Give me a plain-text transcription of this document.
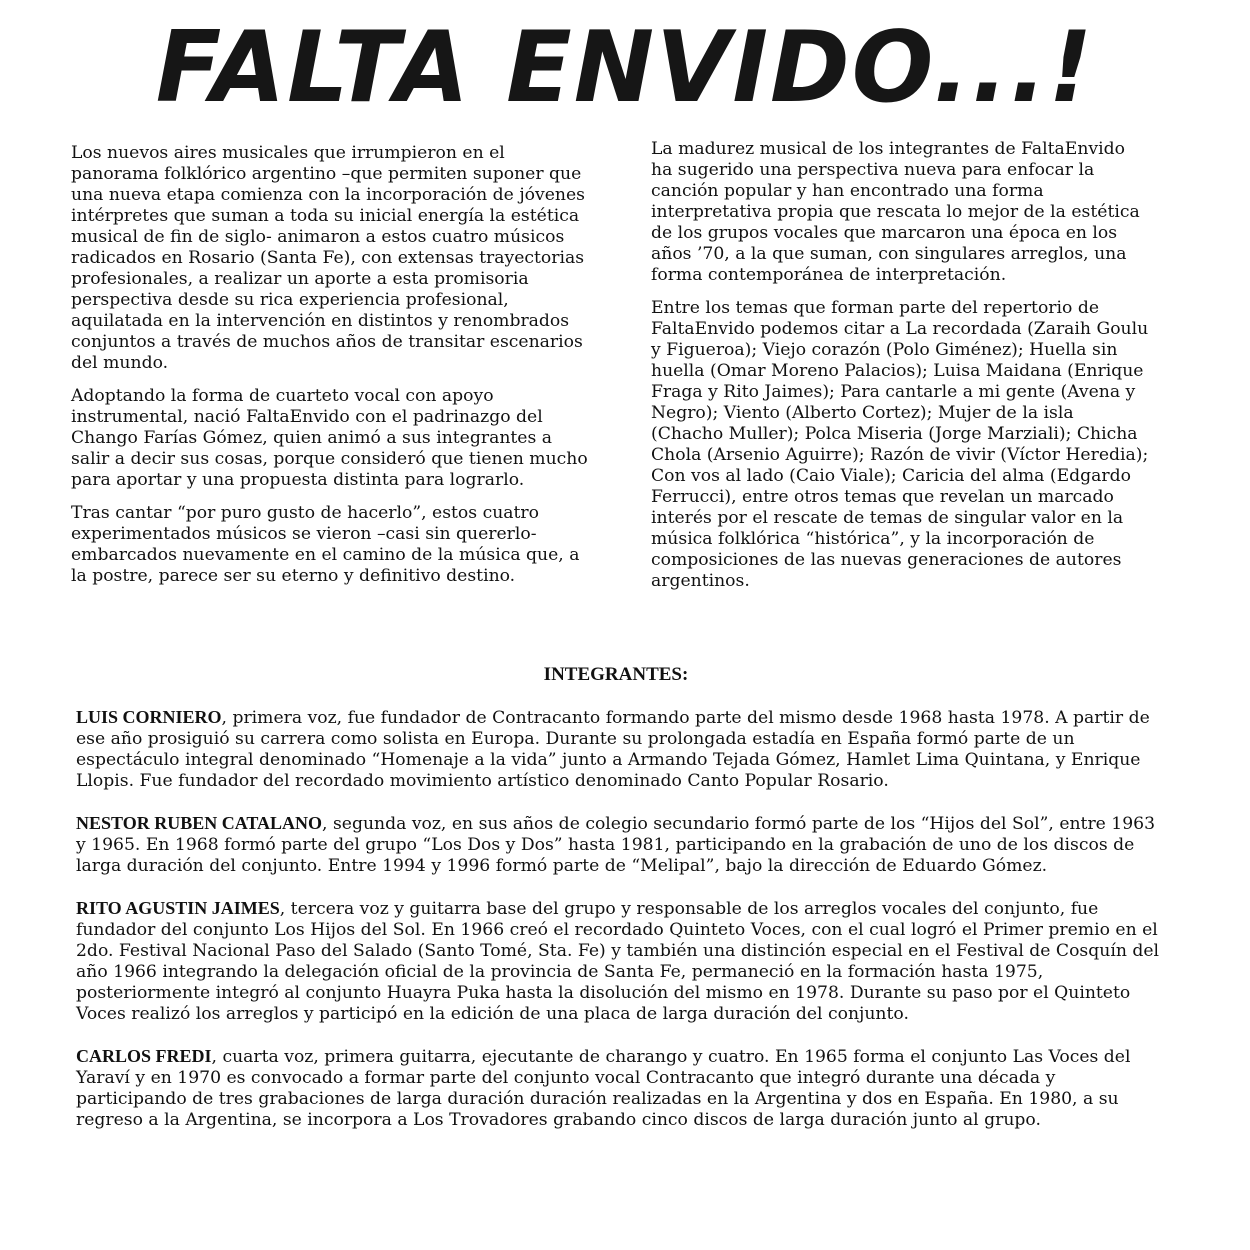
FALTA ENVIDO...!

Los nuevos aires musicales que irrumpieron en el panorama folklórico argentino –que permiten suponer que una nueva etapa comienza con la incorporación de jóvenes intérpretes que suman a toda su inicial energía la estética musical de fin de siglo- animaron a estos cuatro músicos radicados en Rosario (Santa Fe), con extensas trayectorias profesionales, a realizar un aporte a esta promisoria perspectiva desde su rica experiencia profesional, aquilatada en la intervención en distintos y renombrados conjuntos a través de muchos años de transitar escenarios del mundo.

Adoptando la forma de cuarteto vocal con apoyo instrumental, nació FaltaEnvido con el padrinazgo del Chango Farías Gómez, quien animó a sus integrantes a salir a decir sus cosas, porque consideró que tienen mucho para aportar y una propuesta distinta para lograrlo.

Tras cantar “por puro gusto de hacerlo”, estos cuatro experimentados músicos se vieron –casi sin quererlo- embarcados nuevamente en el camino de la música que, a la postre, parece ser su eterno y definitivo destino.

La madurez musical de los integrantes de FaltaEnvido ha sugerido una perspectiva nueva para enfocar la canción popular y han encontrado una forma interpretativa propia que rescata lo mejor de la estética de los grupos vocales que marcaron una época en los años ’70, a la que suman, con singulares arreglos, una forma contemporánea de interpretación.

Entre los temas que forman parte del repertorio de FaltaEnvido podemos citar a La recordada (Zaraih Goulu y Figueroa); Viejo corazón (Polo Giménez); Huella sin huella (Omar Moreno Palacios); Luisa Maidana (Enrique Fraga y Rito Jaimes); Para cantarle a mi gente (Avena y Negro); Viento (Alberto Cortez); Mujer de la isla (Chacho Muller); Polca Miseria (Jorge Marziali); Chicha Chola (Arsenio Aguirre); Razón de vivir (Víctor Heredia); Con vos al lado (Caio Viale); Caricia del alma (Edgardo Ferrucci), entre otros temas que revelan un marcado interés por el rescate de temas de singular valor en la música folklórica “histórica”, y la incorporación de composiciones de las nuevas generaciones de autores argentinos.

INTEGRANTES:
LUIS CORNIERO, primera voz, fue fundador de Contracanto formando parte del mismo desde 1968 hasta 1978. A partir de ese año prosiguió su carrera como solista en Europa. Durante su prolongada estadía en España formó parte de un espectáculo integral denominado “Homenaje a la vida” junto a Armando Tejada Gómez, Hamlet Lima Quintana, y Enrique Llopis. Fue fundador del recordado movimiento artístico denominado Canto Popular Rosario.
NESTOR RUBEN CATALANO, segunda voz, en sus años de colegio secundario formó parte de los “Hijos del Sol”, entre 1963 y 1965. En 1968 formó parte del grupo “Los Dos y Dos” hasta 1981, participando en la grabación de uno de los discos de larga duración del conjunto. Entre 1994 y 1996 formó parte de “Melipal”, bajo la dirección de Eduardo Gómez.
RITO AGUSTIN JAIMES, tercera voz y guitarra base del grupo y responsable de los arreglos vocales del conjunto, fue fundador del conjunto Los Hijos del Sol. En 1966 creó el recordado Quinteto Voces, con el cual logró el Primer premio en el 2do. Festival Nacional Paso del Salado (Santo Tomé, Sta. Fe) y también una distinción especial en el Festival de Cosquín del año 1966 integrando la delegación oficial de la provincia de Santa Fe, permaneció en la formación hasta 1975, posteriormente integró al conjunto Huayra Puka hasta la disolución del mismo en 1978. Durante su paso por el Quinteto Voces realizó los arreglos y participó en la edición de una placa de larga duración del conjunto.
CARLOS FREDI, cuarta voz, primera guitarra, ejecutante de charango y cuatro. En 1965 forma el conjunto Las Voces del Yaraví y en 1970 es convocado a formar parte del conjunto vocal Contracanto que integró durante una década y participando de tres grabaciones de larga duración duración realizadas en la Argentina y dos en España. En 1980, a su regreso a la Argentina, se incorpora a Los Trovadores grabando cinco discos de larga duración junto al grupo.
